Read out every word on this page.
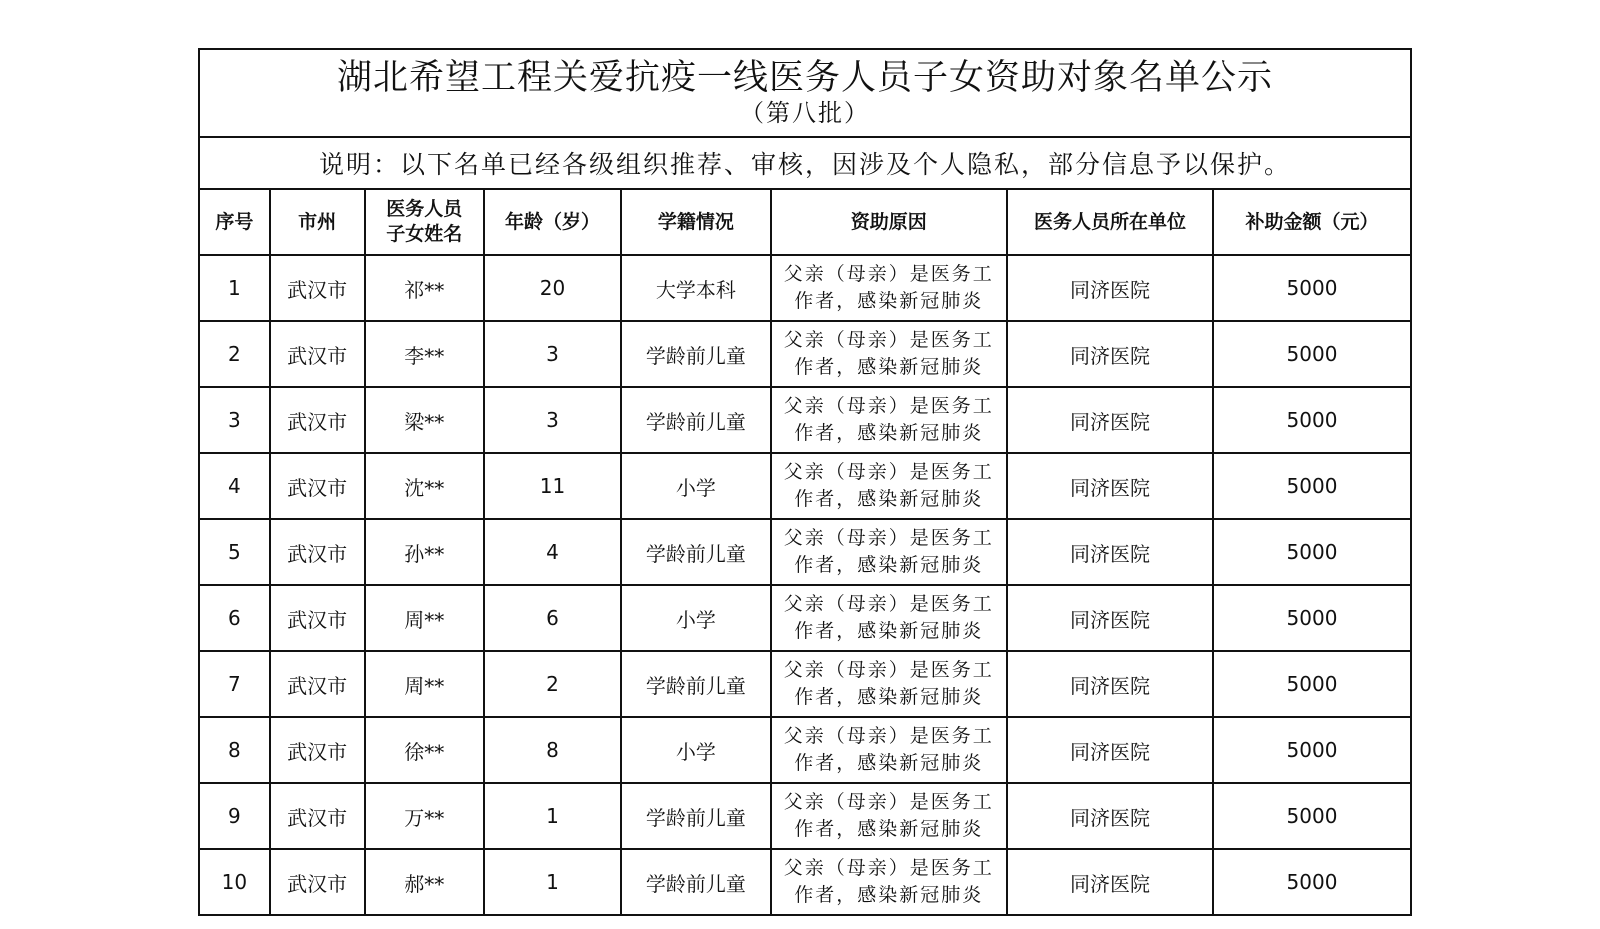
湖北希望工程关爱抗疫一线医务人员子女资助对象名单公示
（第八批）							

说明：以下名单已经各级组织推荐、审核，因涉及个人隐私，部分信息予以保护。							
序号	市州	医务人员子女姓名	年龄（岁）	学籍情况	资助原因	医务人员所在单位	补助金额（元）
1	武汉市	祁**	20	大学本科	父亲（母亲）是医务工作者，感染新冠肺炎	同济医院	5000
2	武汉市	李**	3	学龄前儿童	父亲（母亲）是医务工作者，感染新冠肺炎	同济医院	5000
3	武汉市	梁**	3	学龄前儿童	父亲（母亲）是医务工作者，感染新冠肺炎	同济医院	5000
4	武汉市	沈**	11	小学	父亲（母亲）是医务工作者，感染新冠肺炎	同济医院	5000
5	武汉市	孙**	4	学龄前儿童	父亲（母亲）是医务工作者，感染新冠肺炎	同济医院	5000
6	武汉市	周**	6	小学	父亲（母亲）是医务工作者，感染新冠肺炎	同济医院	5000
7	武汉市	周**	2	学龄前儿童	父亲（母亲）是医务工作者，感染新冠肺炎	同济医院	5000
8	武汉市	徐**	8	小学	父亲（母亲）是医务工作者，感染新冠肺炎	同济医院	5000
9	武汉市	万**	1	学龄前儿童	父亲（母亲）是医务工作者，感染新冠肺炎	同济医院	5000
10	武汉市	郝**	1	学龄前儿童	父亲（母亲）是医务工作者，感染新冠肺炎	同济医院	5000
